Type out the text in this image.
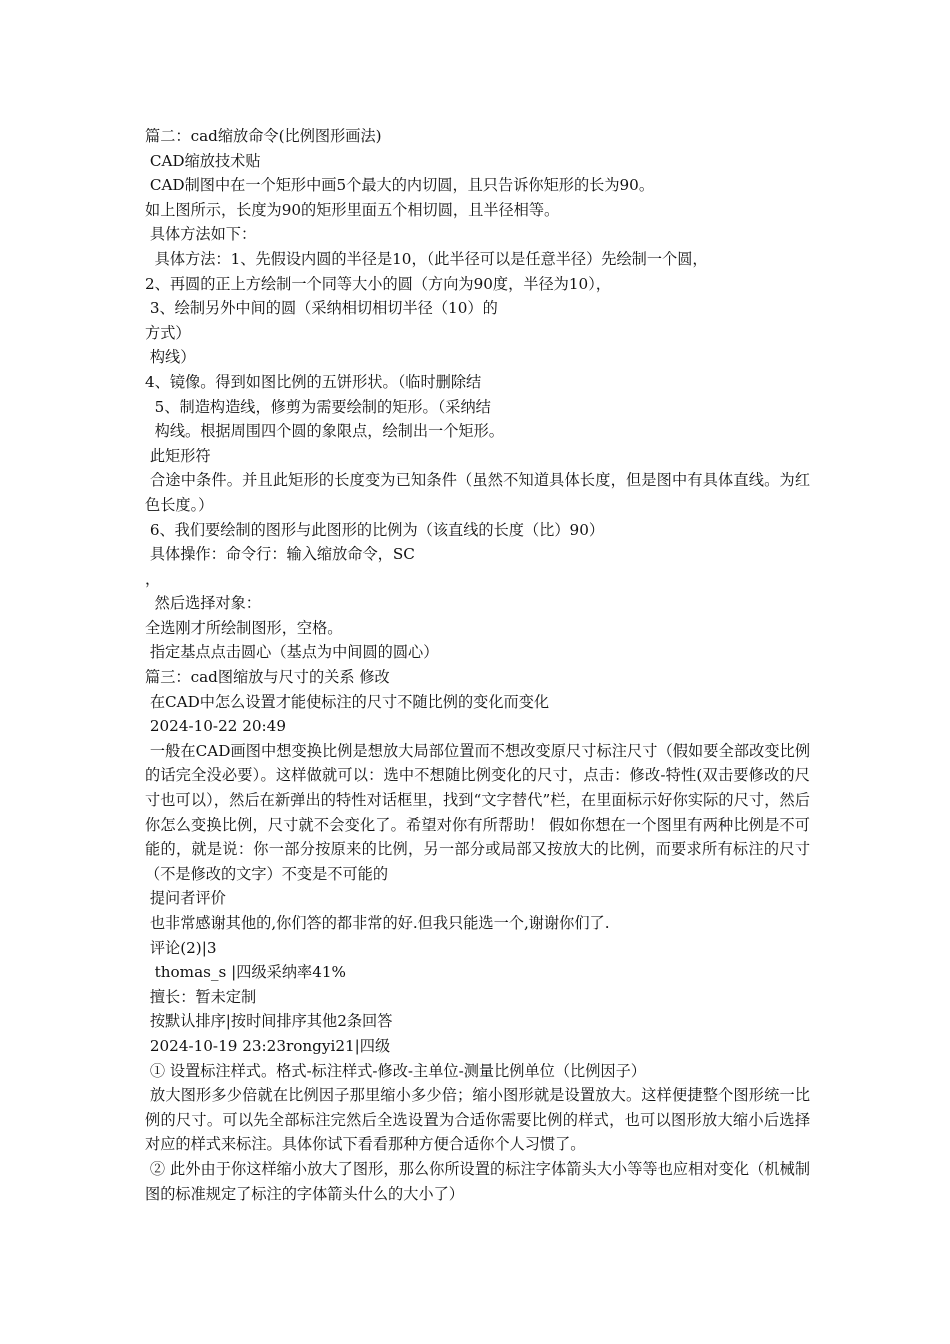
篇二：cad缩放命令(比例图形画法)

CAD缩放技术贴

CAD制图中在一个矩形中画5个最大的内切圆，且只告诉你矩形的长为90。

如上图所示，长度为90的矩形里面五个相切圆，且半径相等。

具体方法如下：

具体方法：1、先假设内圆的半径是10，（此半径可以是任意半径）先绘制一个圆，

2、再圆的正上方绘制一个同等大小的圆（方向为90度，半径为10），

3、绘制另外中间的圆（采纳相切相切半径（10）的

方式）

构线）

4、镜像。得到如图比例的五饼形状。（临时删除结

5、制造构造线，修剪为需要绘制的矩形。（采纳结

构线。根据周围四个圆的象限点，绘制出一个矩形。

此矩形符

合途中条件。并且此矩形的长度变为已知条件（虽然不知道具体长度，但是图中有具体直线。为红色长度。）

6、我们要绘制的图形与此图形的比例为（该直线的长度（比）90）

具体操作：命令行：输入缩放命令，SC

，

然后选择对象：

全选刚才所绘制图形，空格。

指定基点点击圆心（基点为中间圆的圆心）

篇三：cad图缩放与尺寸的关系 修改

在CAD中怎么设置才能使标注的尺寸不随比例的变化而变化

2024-10-22 20:49

一般在CAD画图中想变换比例是想放大局部位置而不想改变原尺寸标注尺寸（假如要全部改变比例的话完全没必要）。这样做就可以：选中不想随比例变化的尺寸，点击：修改-特性(双击要修改的尺寸也可以），然后在新弹出的特性对话框里，找到“文字替代”栏，在里面标示好你实际的尺寸，然后你怎么变换比例，尺寸就不会变化了。希望对你有所帮助！ 假如你想在一个图里有两种比例是不可能的，就是说：你一部分按原来的比例，另一部分或局部又按放大的比例，而要求所有标注的尺寸（不是修改的文字）不变是不可能的

提问者评价

也非常感谢其他的,你们答的都非常的好.但我只能选一个,谢谢你们了.

评论(2)|3

thomas_s |四级采纳率41%

擅长：暂未定制

按默认排序|按时间排序其他2条回答

2024-10-19 23:23rongyi21|四级

① 设置标注样式。格式-标注样式-修改-主单位-测量比例单位（比例因子）

放大图形多少倍就在比例因子那里缩小多少倍；缩小图形就是设置放大。这样便捷整个图形统一比例的尺寸。可以先全部标注完然后全选设置为合适你需要比例的样式，也可以图形放大缩小后选择对应的样式来标注。具体你试下看看那种方便合适你个人习惯了。

② 此外由于你这样缩小放大了图形，那么你所设置的标注字体箭头大小等等也应相对变化（机械制图的标准规定了标注的字体箭头什么的大小了）
